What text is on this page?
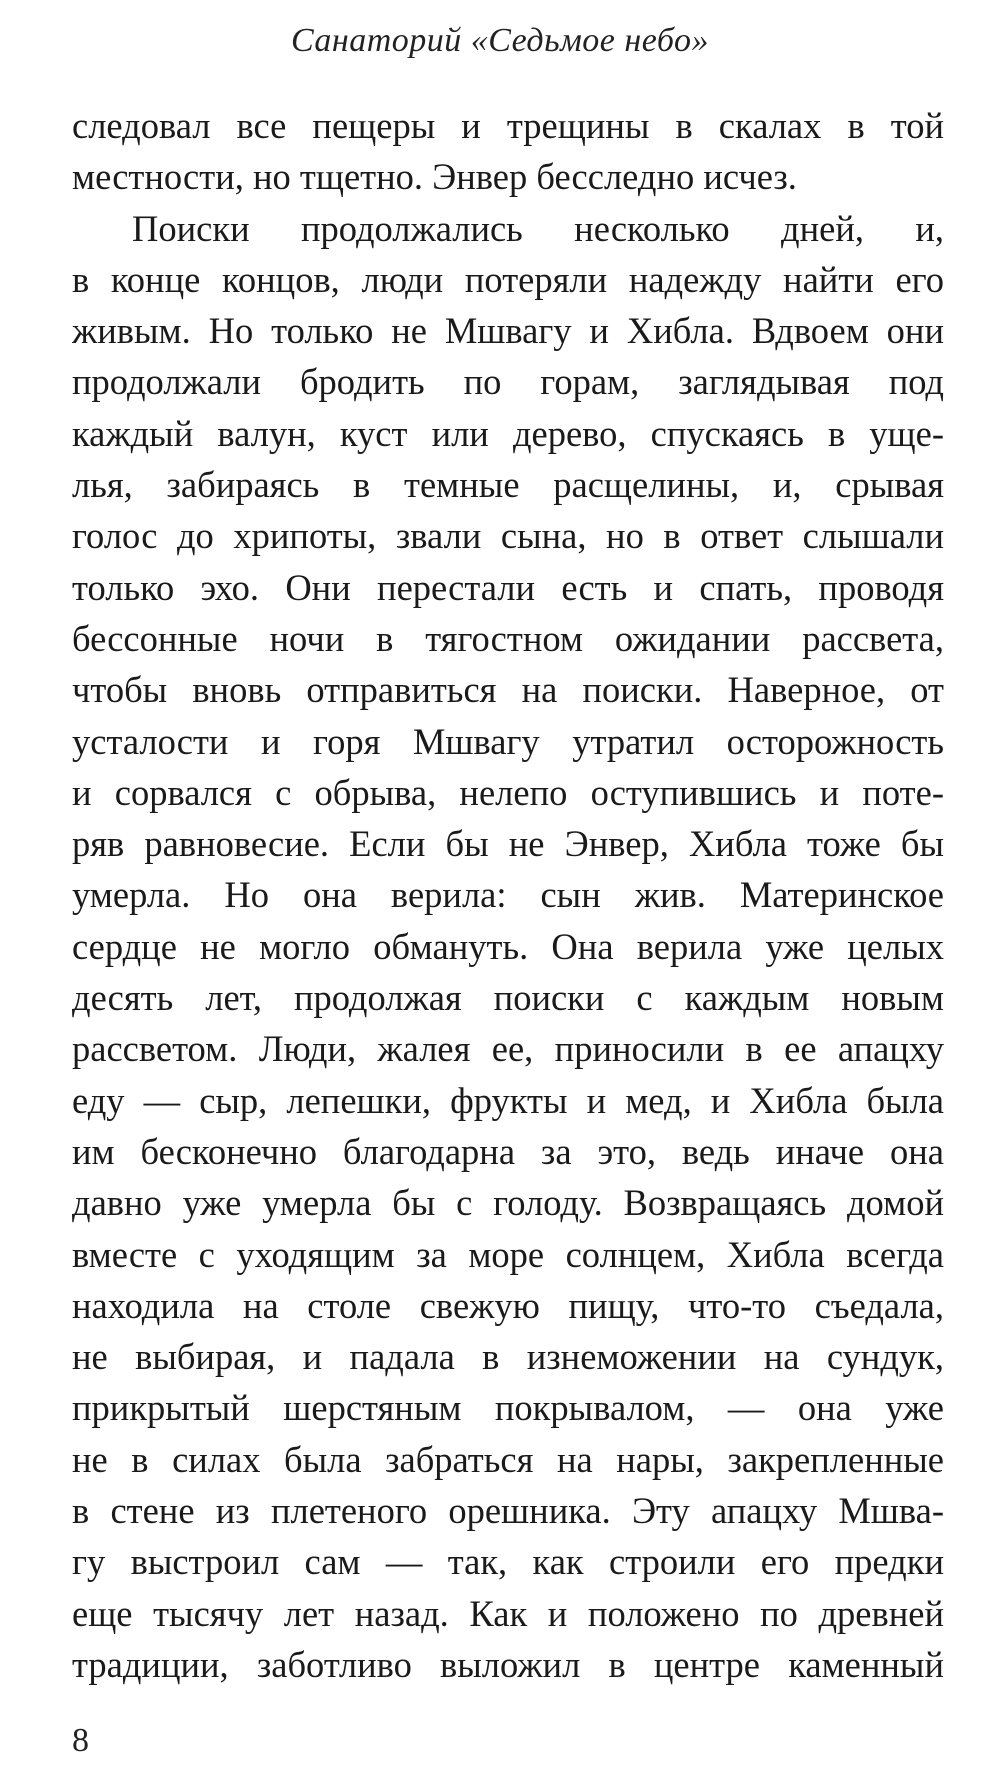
Санаторий «Седьмое небо»
следовал все пещеры и трещины в скалах в той
местности, но тщетно. Энвер бесследно исчез.
Поиски продолжались несколько дней, и,
в конце концов, люди потеряли надежду найти его
живым. Но только не Мшвагу и Хибла. Вдвоем они
продолжали бродить по горам, заглядывая под
каждый валун, куст или дерево, спускаясь в уще-
лья, забираясь в темные расщелины, и, срывая
голос до хрипоты, звали сына, но в ответ слышали
только эхо. Они перестали есть и спать, проводя
бессонные ночи в тягостном ожидании рассвета,
чтобы вновь отправиться на поиски. Наверное, от
усталости и горя Мшвагу утратил осторожность
и сорвался с обрыва, нелепо оступившись и поте-
ряв равновесие. Если бы не Энвер, Хибла тоже бы
умерла. Но она верила: сын жив. Материнское
сердце не могло обмануть. Она верила уже целых
десять лет, продолжая поиски с каждым новым
рассветом. Люди, жалея ее, приносили в ее апацху
еду — сыр, лепешки, фрукты и мед, и Хибла была
им бесконечно благодарна за это, ведь иначе она
давно уже умерла бы с голоду. Возвращаясь домой
вместе с уходящим за море солнцем, Хибла всегда
находила на столе свежую пищу, что-то съедала,
не выбирая, и падала в изнеможении на сундук,
прикрытый шерстяным покрывалом, — она уже
не в силах была забраться на нары, закрепленные
в стене из плетеного орешника. Эту апацху Мшва-
гу выстроил сам — так, как строили его предки
еще тысячу лет назад. Как и положено по древней
традиции, заботливо выложил в центре каменный
8
